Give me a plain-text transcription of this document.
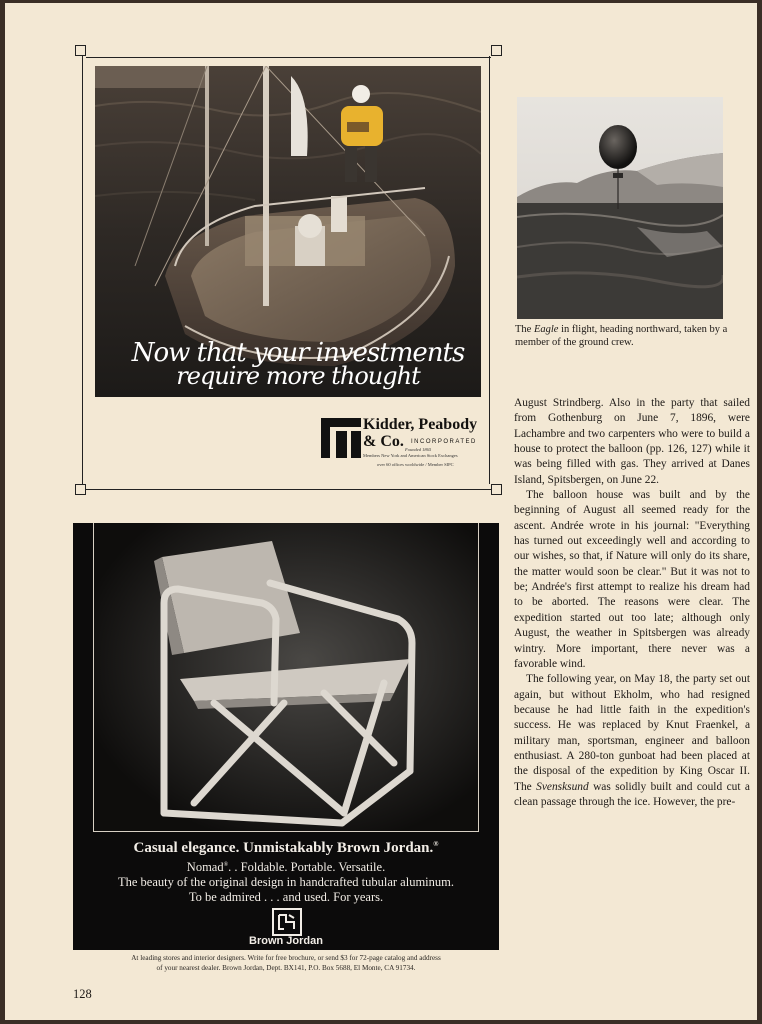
Now that your investments
require more thought
Kidder, Peabody
& Co.	INCORPORATED
Founded 1865
Members New York and American Stock Exchanges
over 60 offices worldwide / Member SIPC
The Eagle in flight, heading northward, taken by a member of the ground crew.

August Strindberg. Also in the party that sailed from Gothenburg on June 7, 1896, were Lachambre and two carpenters who were to build a house to protect the balloon (pp. 126, 127) while it was being filled with gas. They arrived at Danes Island, Spitsbergen, on June 22.

The balloon house was built and by the beginning of August all seemed ready for the ascent. Andrée wrote in his journal: "Everything has turned out exceedingly well and according to our wishes, so that, if Nature will only do its share, the matter would soon be clear." But it was not to be; Andrée's first attempt to realize his dream had to be aborted. The reasons were clear. The expedition started out too late; although only August, the weather in Spitsbergen was already wintry. More important, there never was a favorable wind.

The following year, on May 18, the party set out again, but without Ekholm, who had resigned because he had little faith in the expedition's success. He was replaced by Knut Fraenkel, a military man, sportsman, engineer and balloon enthusiast. A 280-ton gunboat had been placed at the disposal of the expedition by King Oscar II. The Svensksund was solidly built and could cut a clean passage through the ice. However, the pre-

Casual elegance. Unmistakably Brown Jordan.®
Nomad®. . Foldable. Portable. Versatile.
The beauty of the original design in handcrafted tubular aluminum.
To be admired . . . and used. For years.
Brown Jordan
At leading stores and interior designers. Write for free brochure, or send $3 for 72-page catalog and address
of your nearest dealer. Brown Jordan, Dept. BX141, P.O. Box 5688, El Monte, CA 91734.
128
